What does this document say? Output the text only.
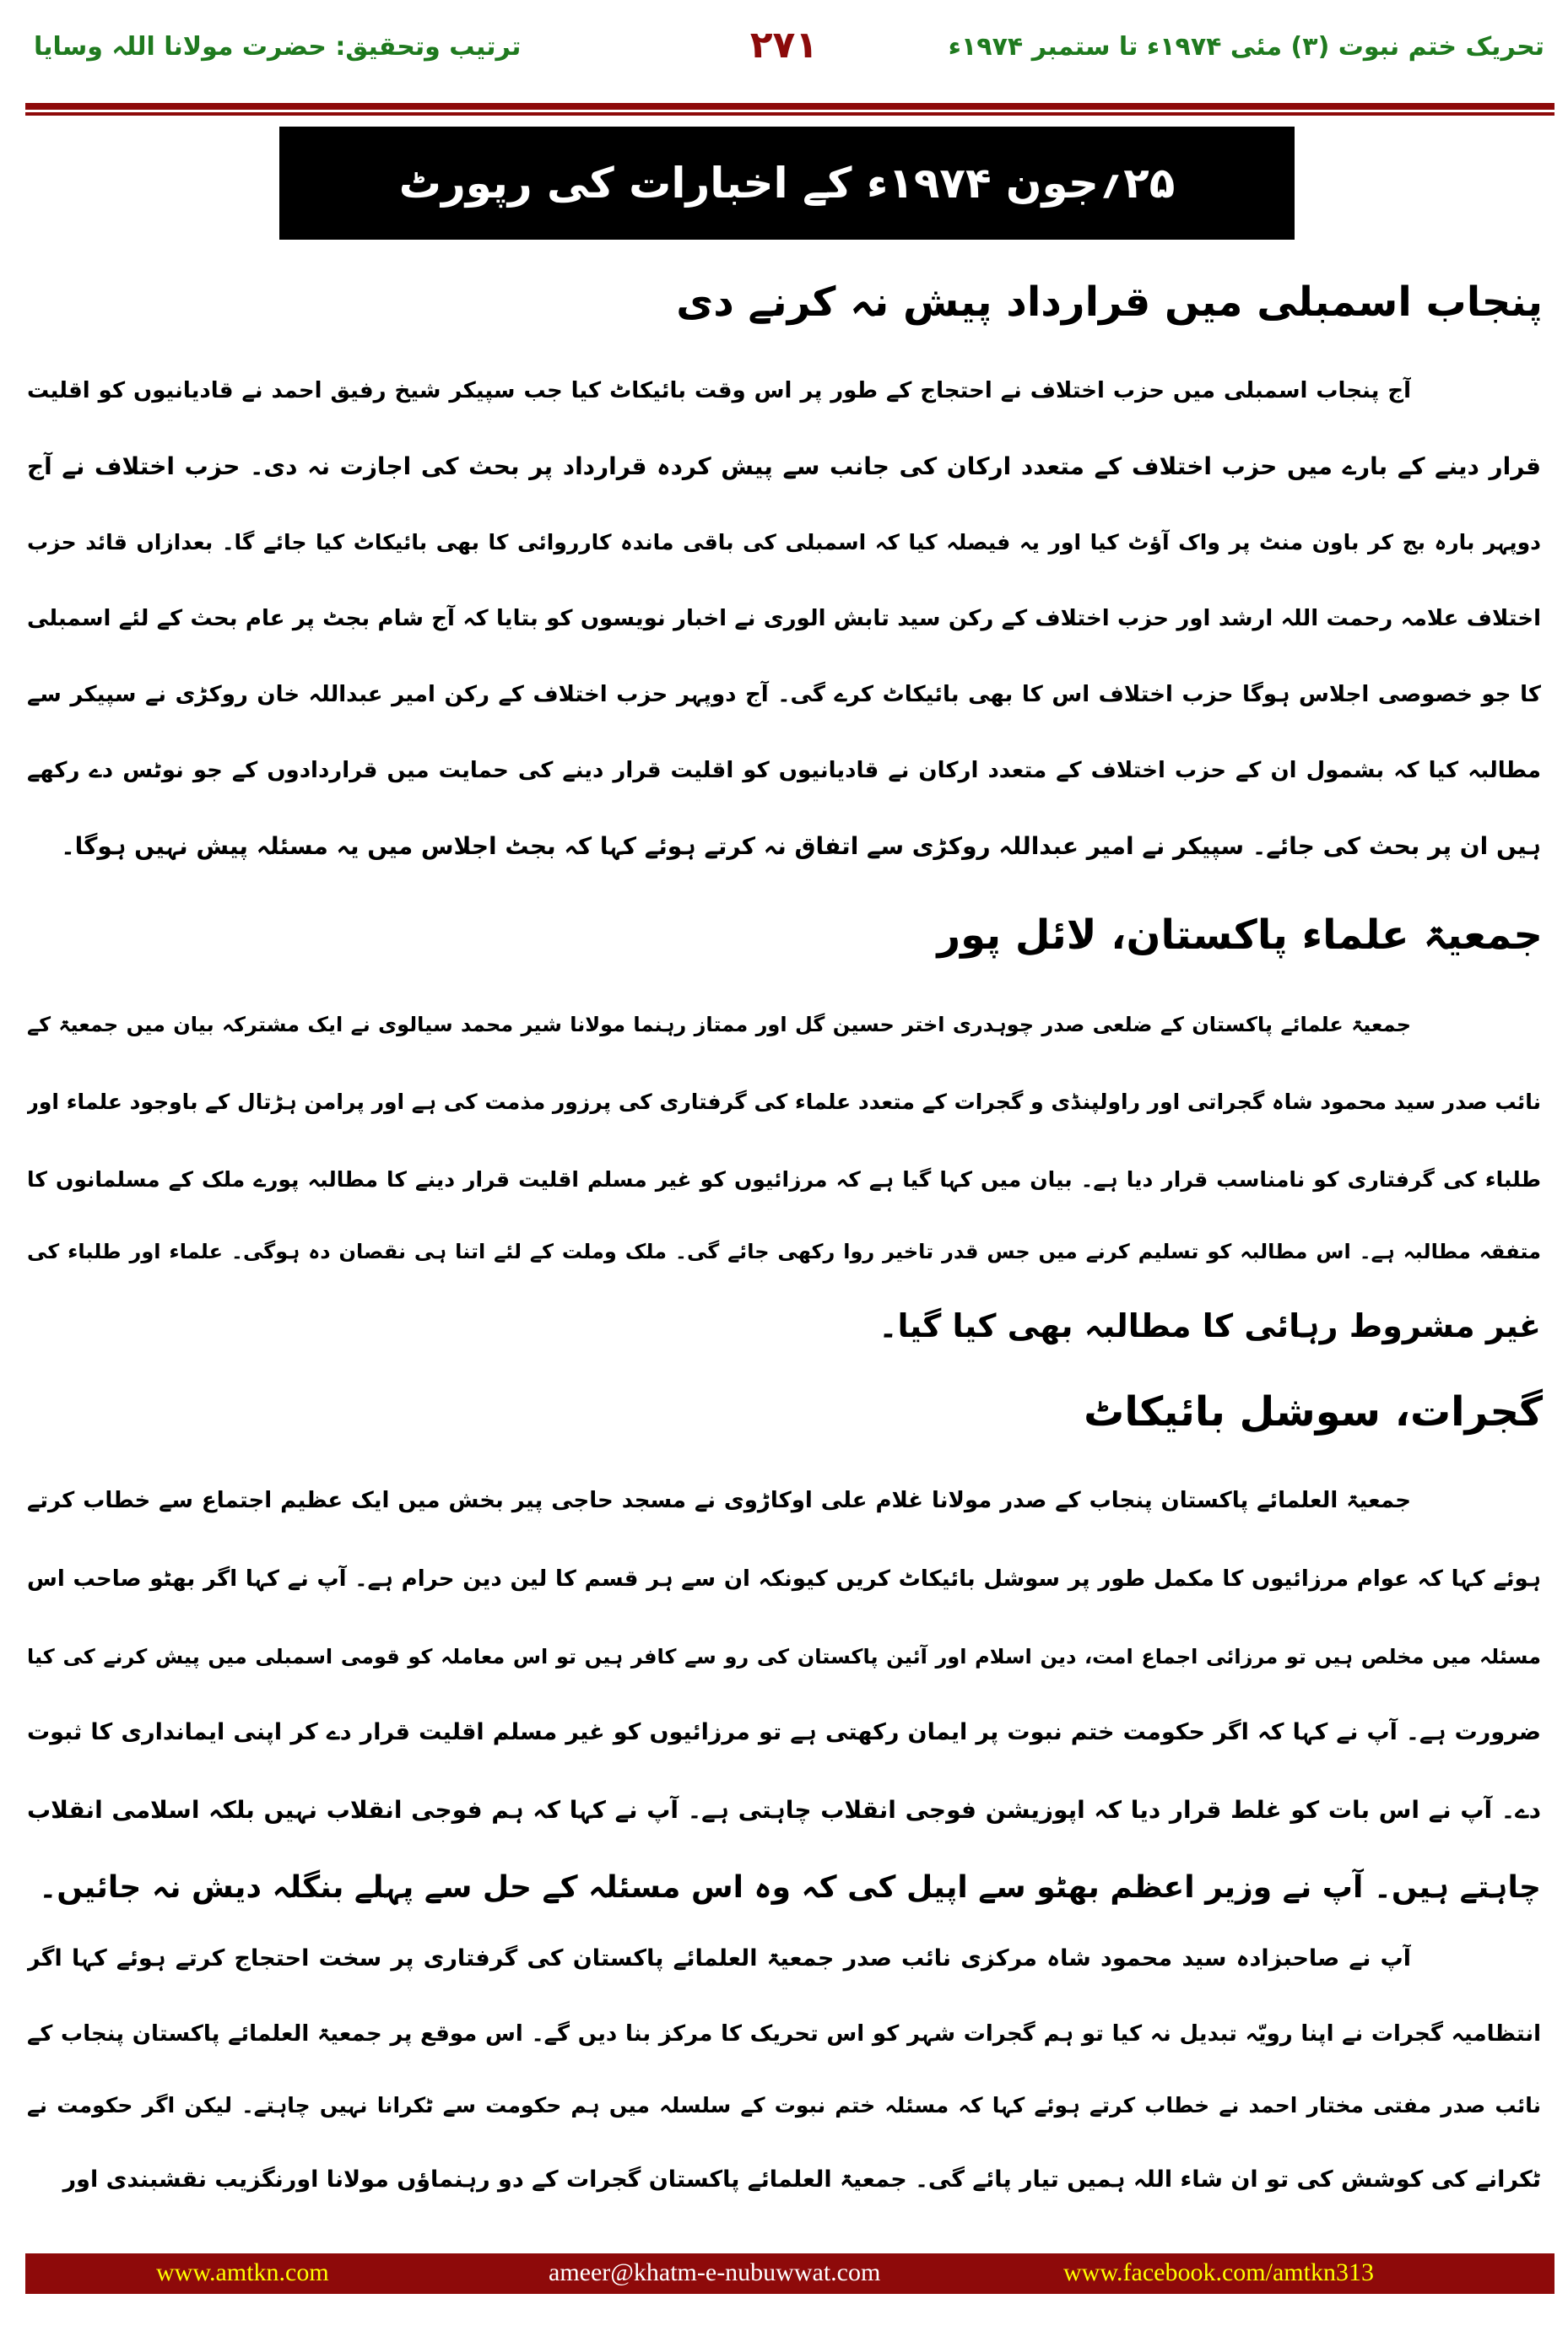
تحریک ختم نبوت (۳) مئی ۱۹۷۴ء تا ستمبر ۱۹۷۴ء
۲۷۱
ترتیب وتحقیق: حضرت مولانا اللہ وسایا
۲۵؍جون ۱۹۷۴ء کے اخبارات کی رپورٹ
پنجاب اسمبلی میں قرارداد پیش نہ کرنے دی
آج پنجاب اسمبلی میں حزب اختلاف نے احتجاج کے طور پر اس وقت بائیکاٹ کیا جب سپیکر شیخ رفیق احمد نے قادیانیوں کو اقلیت
قرار دینے کے بارے میں حزب اختلاف کے متعدد ارکان کی جانب سے پیش کردہ قرارداد پر بحث کی اجازت نہ دی۔ حزب اختلاف نے آج
دوپہر بارہ بج کر باون منٹ پر واک آؤٹ کیا اور یہ فیصلہ کیا کہ اسمبلی کی باقی ماندہ کارروائی کا بھی بائیکاٹ کیا جائے گا۔ بعدازاں قائد حزب
اختلاف علامہ رحمت اللہ ارشد اور حزب اختلاف کے رکن سید تابش الوری نے اخبار نویسوں کو بتایا کہ آج شام بجٹ پر عام بحث کے لئے اسمبلی
کا جو خصوصی اجلاس ہوگا حزب اختلاف اس کا بھی بائیکاٹ کرے گی۔ آج دوپہر حزب اختلاف کے رکن امیر عبداللہ خان روکڑی نے سپیکر سے
مطالبہ کیا کہ بشمول ان کے حزب اختلاف کے متعدد ارکان نے قادیانیوں کو اقلیت قرار دینے کی حمایت میں قراردادوں کے جو نوٹس دے رکھے
ہیں ان پر بحث کی جائے۔ سپیکر نے امیر عبداللہ روکڑی سے اتفاق نہ کرتے ہوئے کہا کہ بجٹ اجلاس میں یہ مسئلہ پیش نہیں ہوگا۔
جمعیۃ علماء پاکستان، لائل پور
جمعیۃ علمائے پاکستان کے ضلعی صدر چوہدری اختر حسین گل اور ممتاز رہنما مولانا شیر محمد سیالوی نے ایک مشترکہ بیان میں جمعیۃ کے
نائب صدر سید محمود شاہ گجراتی اور راولپنڈی و گجرات کے متعدد علماء کی گرفتاری کی پرزور مذمت کی ہے اور پرامن ہڑتال کے باوجود علماء اور
طلباء کی گرفتاری کو نامناسب قرار دیا ہے۔ بیان میں کہا گیا ہے کہ مرزائیوں کو غیر مسلم اقلیت قرار دینے کا مطالبہ پورے ملک کے مسلمانوں کا
متفقہ مطالبہ ہے۔ اس مطالبہ کو تسلیم کرنے میں جس قدر تاخیر روا رکھی جائے گی۔ ملک وملت کے لئے اتنا ہی نقصان دہ ہوگی۔ علماء اور طلباء کی
غیر مشروط رہائی کا مطالبہ بھی کیا گیا۔
گجرات، سوشل بائیکاٹ
جمعیۃ العلمائے پاکستان پنجاب کے صدر مولانا غلام علی اوکاڑوی نے مسجد حاجی پیر بخش میں ایک عظیم اجتماع سے خطاب کرتے
ہوئے کہا کہ عوام مرزائیوں کا مکمل طور پر سوشل بائیکاٹ کریں کیونکہ ان سے ہر قسم کا لین دین حرام ہے۔ آپ نے کہا اگر بھٹو صاحب اس
مسئلہ میں مخلص ہیں تو مرزائی اجماع امت، دین اسلام اور آئین پاکستان کی رو سے کافر ہیں تو اس معاملہ کو قومی اسمبلی میں پیش کرنے کی کیا
ضرورت ہے۔ آپ نے کہا کہ اگر حکومت ختم نبوت پر ایمان رکھتی ہے تو مرزائیوں کو غیر مسلم اقلیت قرار دے کر اپنی ایمانداری کا ثبوت
دے۔ آپ نے اس بات کو غلط قرار دیا کہ اپوزیشن فوجی انقلاب چاہتی ہے۔ آپ نے کہا کہ ہم فوجی انقلاب نہیں بلکہ اسلامی انقلاب
چاہتے ہیں۔ آپ نے وزیر اعظم بھٹو سے اپیل کی کہ وہ اس مسئلہ کے حل سے پہلے بنگلہ دیش نہ جائیں۔
آپ نے صاحبزادہ سید محمود شاہ مرکزی نائب صدر جمعیۃ العلمائے پاکستان کی گرفتاری پر سخت احتجاج کرتے ہوئے کہا اگر
انتظامیہ گجرات نے اپنا رویّہ تبدیل نہ کیا تو ہم گجرات شہر کو اس تحریک کا مرکز بنا دیں گے۔ اس موقع پر جمعیۃ العلمائے پاکستان پنجاب کے
نائب صدر مفتی مختار احمد نے خطاب کرتے ہوئے کہا کہ مسئلہ ختم نبوت کے سلسلہ میں ہم حکومت سے ٹکرانا نہیں چاہتے۔ لیکن اگر حکومت نے
ٹکرانے کی کوشش کی تو ان شاء اللہ ہمیں تیار پائے گی۔ جمعیۃ العلمائے پاکستان گجرات کے دو رہنماؤں مولانا اورنگزیب نقشبندی اور
www.amtkn.com	ameer@khatm-e-nubuwwat.com	www.facebook.com/amtkn313
